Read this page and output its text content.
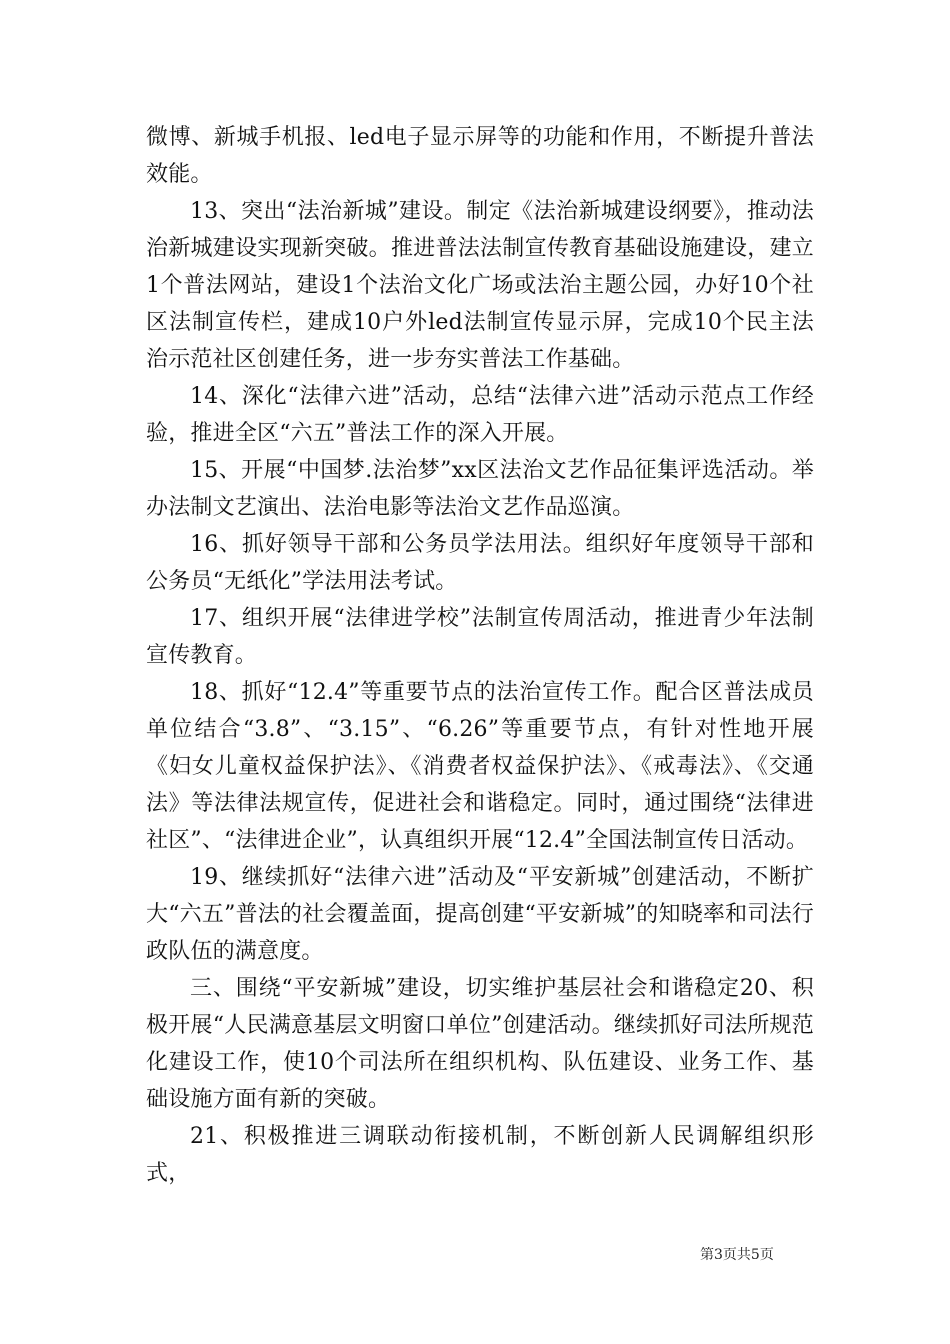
微博、新城手机报、led电子显示屏等的功能和作用，不断提升普法效能。

13、突出“法治新城”建设。制定《法治新城建设纲要》，推动法治新城建设实现新突破。推进普法法制宣传教育基础设施建设，建立1个普法网站，建设1个法治文化广场或法治主题公园，办好10个社区法制宣传栏，建成10户外led法制宣传显示屏，完成10个民主法治示范社区创建任务，进一步夯实普法工作基础。

14、深化“法律六进”活动，总结“法律六进”活动示范点工作经验，推进全区“六五”普法工作的深入开展。

15、开展“中国梦.法治梦”xx区法治文艺作品征集评选活动。举办法制文艺演出、法治电影等法治文艺作品巡演。

16、抓好领导干部和公务员学法用法。组织好年度领导干部和公务员“无纸化”学法用法考试。

17、组织开展“法律进学校”法制宣传周活动，推进青少年法制宣传教育。

18、抓好“12.4”等重要节点的法治宣传工作。配合区普法成员单位结合“3.8”、“3.15”、“6.26”等重要节点，有针对性地开展《妇女儿童权益保护法》、《消费者权益保护法》、《戒毒法》、《交通法》等法律法规宣传，促进社会和谐稳定。同时，通过围绕“法律进社区”、“法律进企业”，认真组织开展“12.4”全国法制宣传日活动。

19、继续抓好“法律六进”活动及“平安新城”创建活动，不断扩大“六五”普法的社会覆盖面，提高创建“平安新城”的知晓率和司法行政队伍的满意度。

三、围绕“平安新城”建设，切实维护基层社会和谐稳定20、积极开展“人民满意基层文明窗口单位”创建活动。继续抓好司法所规范化建设工作，使10个司法所在组织机构、队伍建设、业务工作、基础设施方面有新的突破。

21、积极推进三调联动衔接机制，不断创新人民调解组织形式，

第3页共5页
